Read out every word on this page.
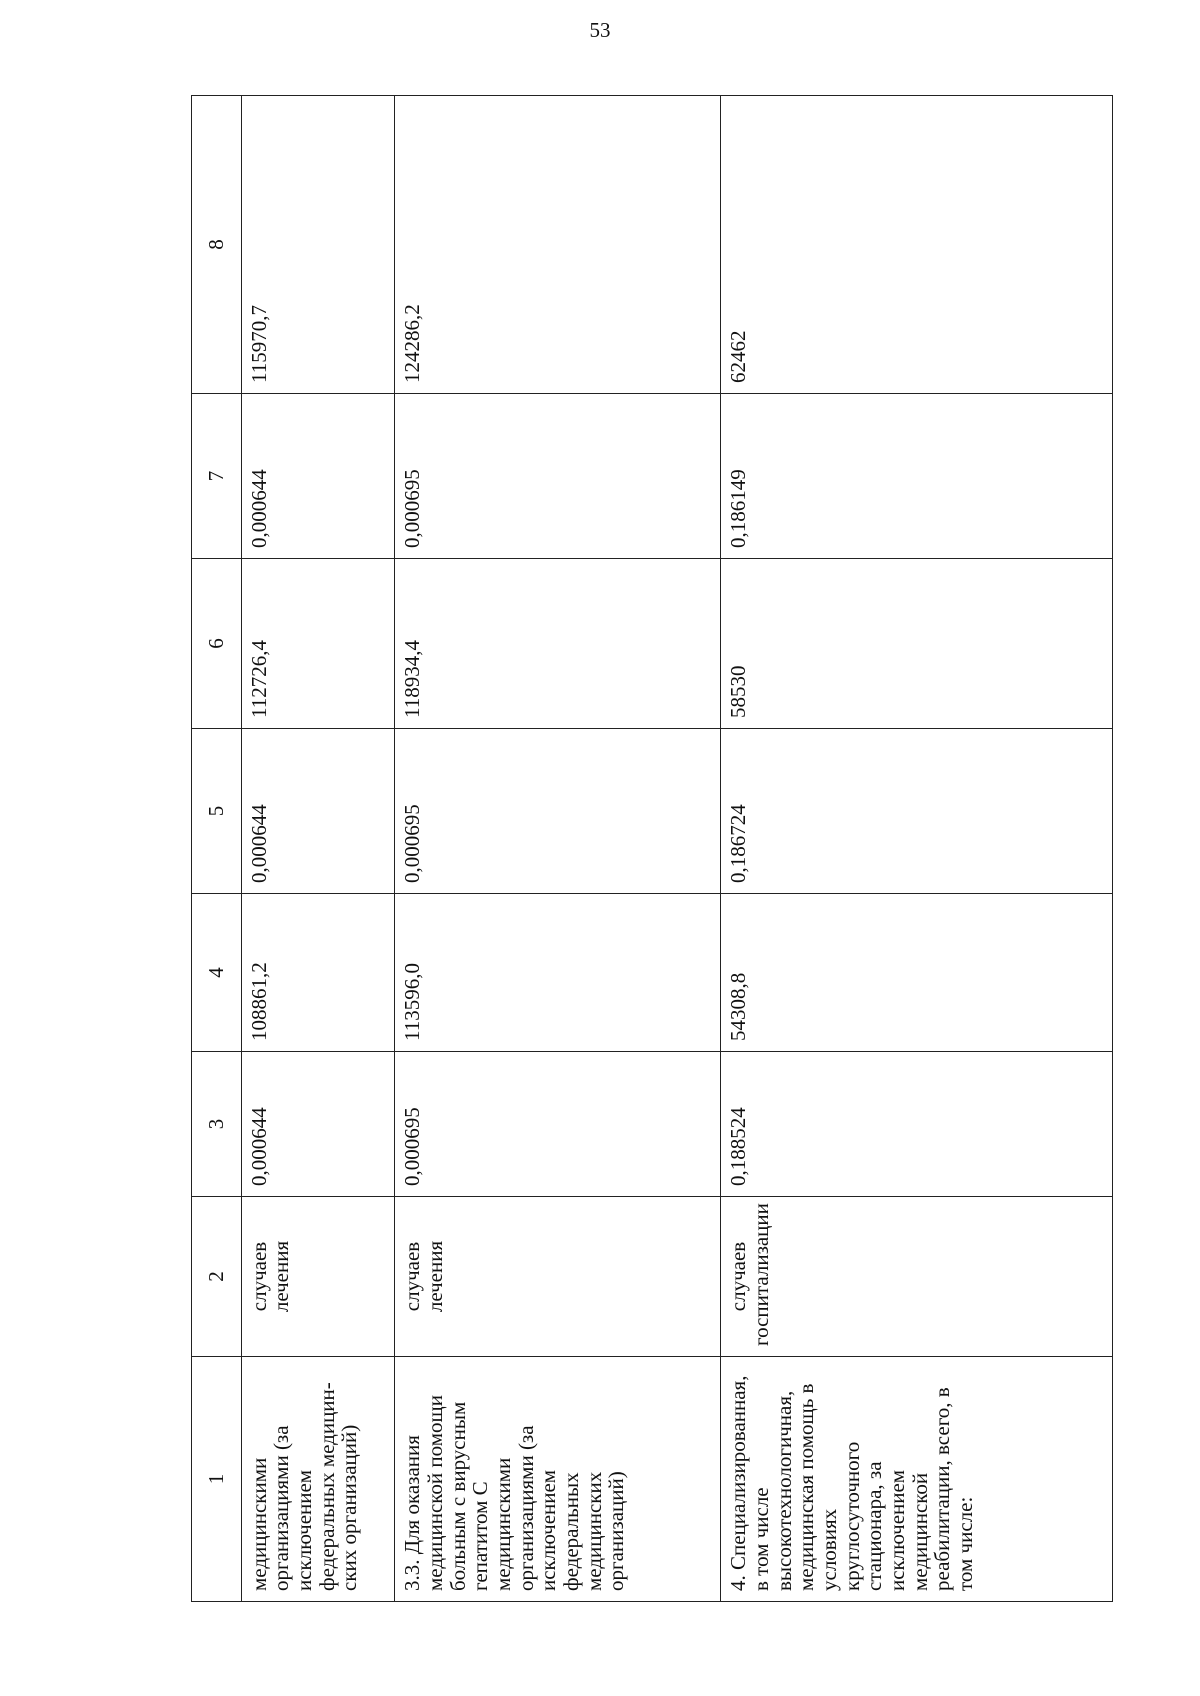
53
1	2	3	4	5	6	7	8
медицинскими организациями (за исключением федеральных медицин-ских организаций)	случаев лечения	0,000644	108861,2	0,000644	112726,4	0,000644	115970,7
3.3. Для оказания медицинской помощи больным с вирусным гепатитом С медицинскими организациями (за исключением федеральных медицинских организаций)	случаев лечения	0,000695	113596,0	0,000695	118934,4	0,000695	124286,2
4. Специализированная, в том числе высокотехнологичная, медицинская помощь в условиях круглосуточного стационара, за исключением медицинской реабилитации, всего, в том числе:	случаев госпитализации	0,188524	54308,8	0,186724	58530	0,186149	62462
